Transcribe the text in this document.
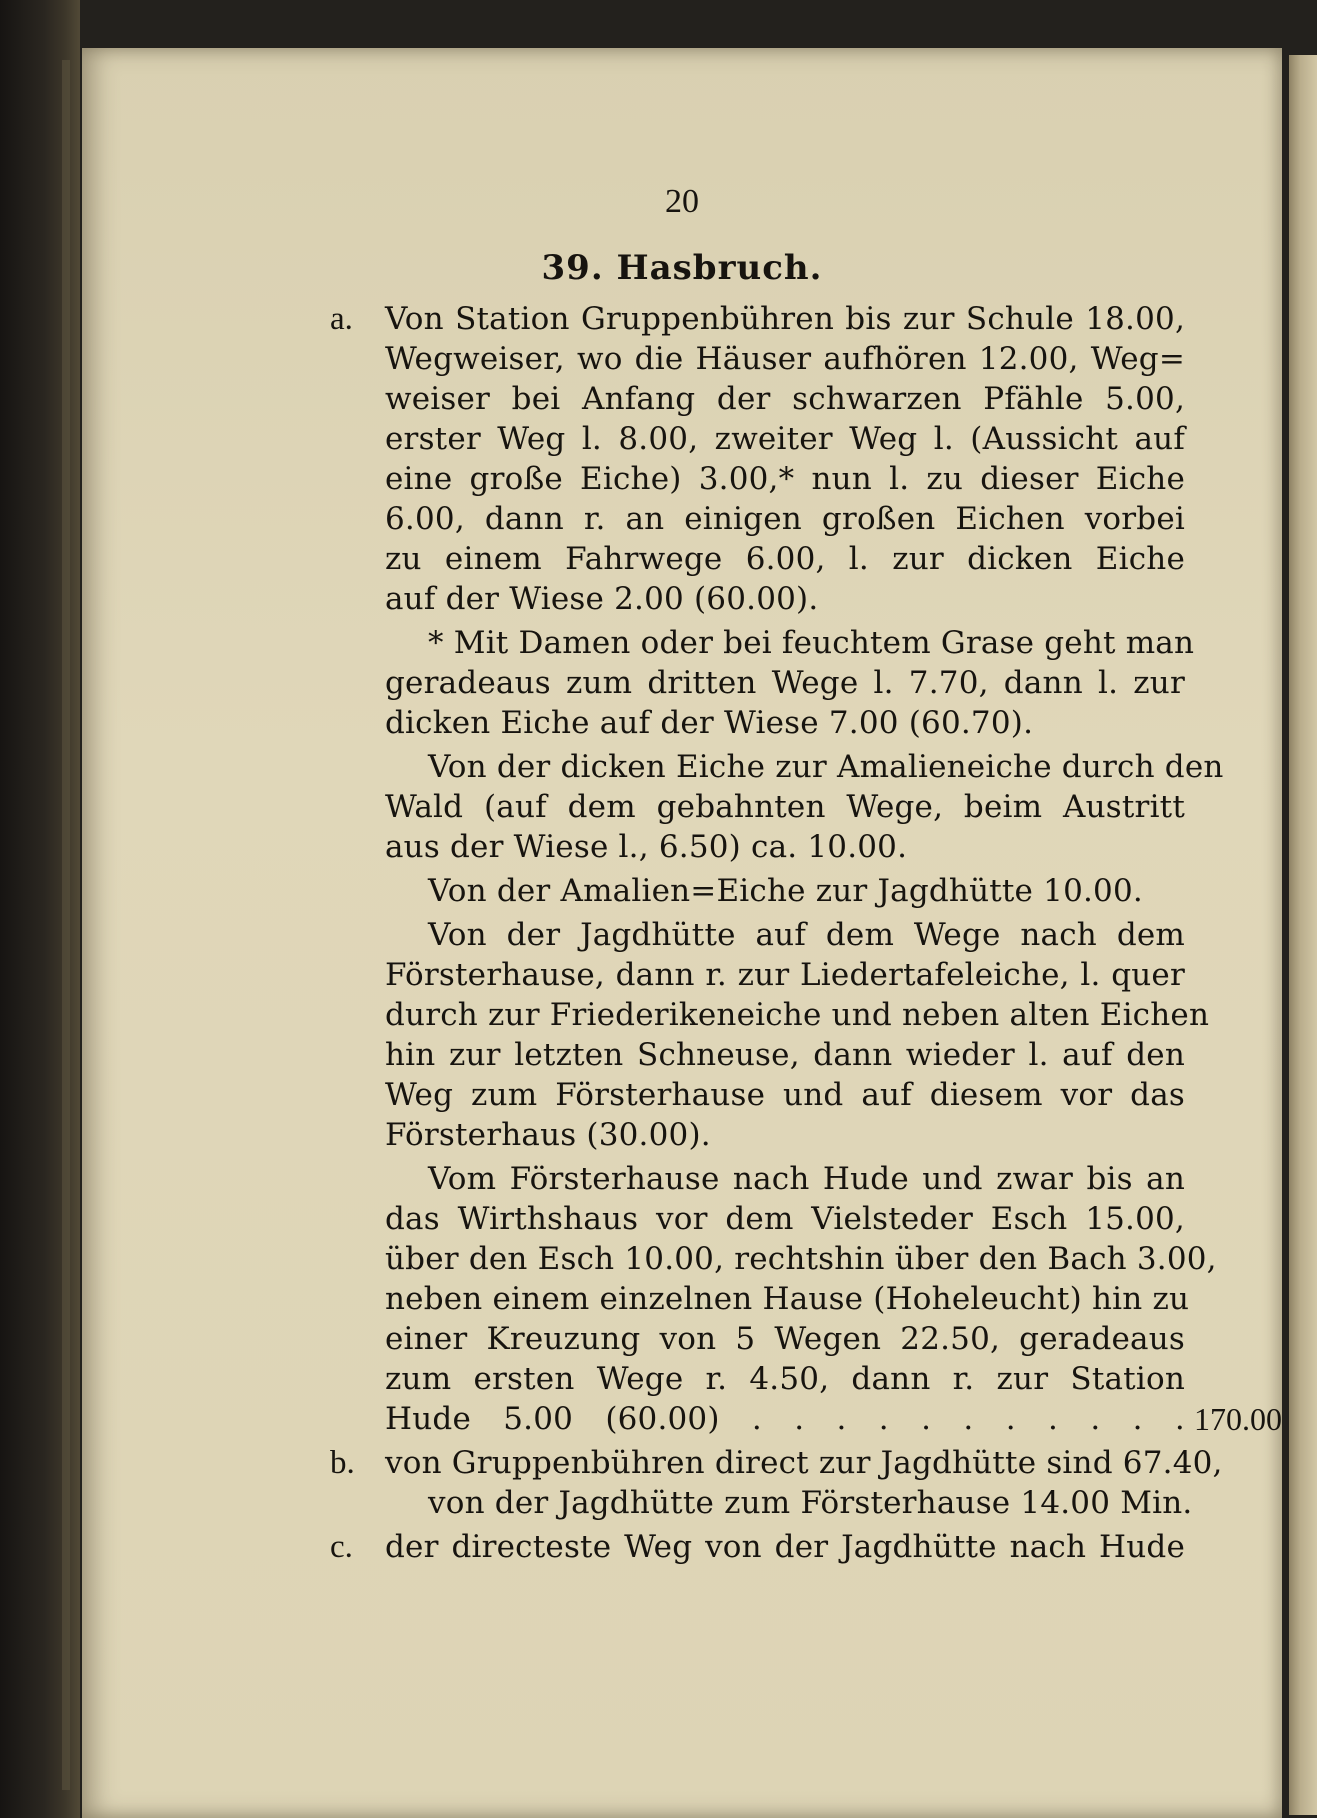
20
39. Hasbruch.
a. Von Station Gruppenbühren bis zur Schule 18.00,
Wegweiser, wo die Häuser aufhören 12.00, Weg=
weiser bei Anfang der schwarzen Pfähle 5.00,
erster Weg l. 8.00, zweiter Weg l. (Aussicht auf
eine große Eiche) 3.00,* nun l. zu dieser Eiche
6.00, dann r. an einigen großen Eichen vorbei
zu einem Fahrwege 6.00, l. zur dicken Eiche
auf der Wiese 2.00 (60.00).
* Mit Damen oder bei feuchtem Grase geht man
geradeaus zum dritten Wege l. 7.70, dann l. zur
dicken Eiche auf der Wiese 7.00 (60.70).
Von der dicken Eiche zur Amalieneiche durch den
Wald (auf dem gebahnten Wege, beim Austritt
aus der Wiese l., 6.50) ca. 10.00.
Von der Amalien=Eiche zur Jagdhütte 10.00.
Von der Jagdhütte auf dem Wege nach dem
Försterhause, dann r. zur Liedertafeleiche, l. quer
durch zur Friederikeneiche und neben alten Eichen
hin zur letzten Schneuse, dann wieder l. auf den
Weg zum Försterhause und auf diesem vor das
Försterhaus (30.00).
Vom Försterhause nach Hude und zwar bis an
das Wirthshaus vor dem Vielsteder Esch 15.00,
über den Esch 10.00, rechtshin über den Bach 3.00,
neben einem einzelnen Hause (Hoheleucht) hin zu
einer Kreuzung von 5 Wegen 22.50, geradeaus
zum ersten Wege r. 4.50, dann r. zur Station
Hude 5.00 (60.00) . . . . . . . . . . . 170.00
b. von Gruppenbühren direct zur Jagdhütte sind 67.40,
von der Jagdhütte zum Försterhause 14.00 Min.
c. der directeste Weg von der Jagdhütte nach Hude
